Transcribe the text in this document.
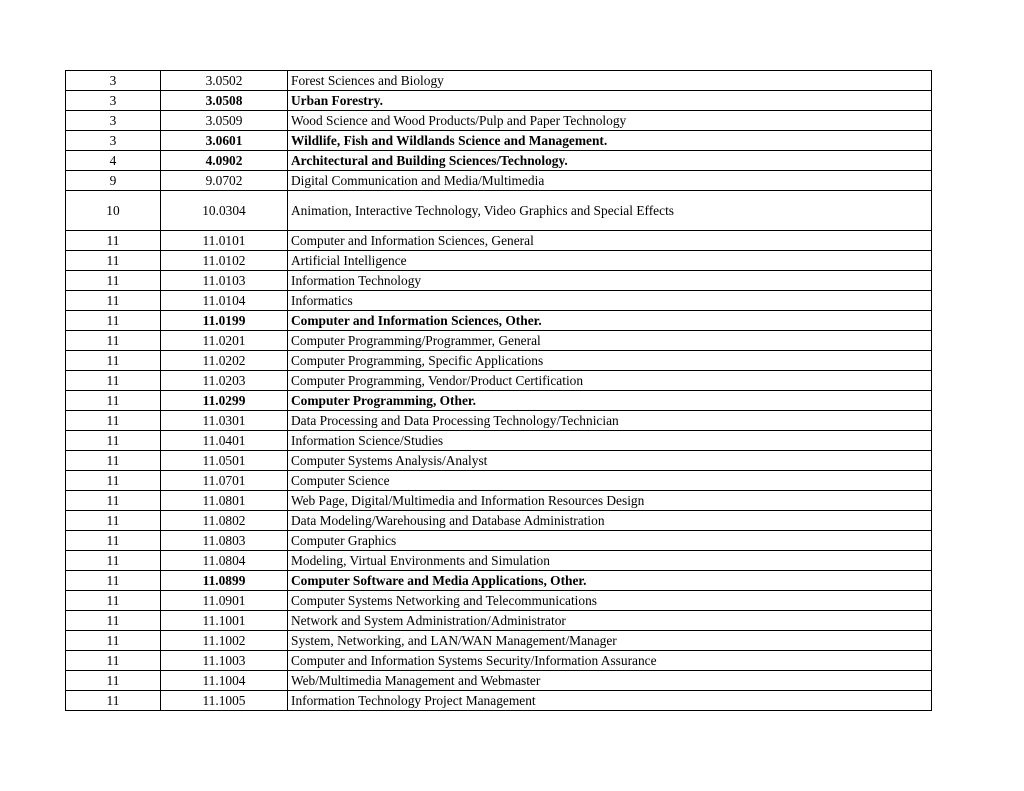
3	3.0502	Forest Sciences and Biology
3	3.0508	Urban Forestry.
3	3.0509	Wood Science and Wood Products/Pulp and Paper Technology
3	3.0601	Wildlife, Fish and Wildlands Science and Management.
4	4.0902	Architectural and Building Sciences/Technology.
9	9.0702	Digital Communication and Media/Multimedia
10	10.0304	Animation, Interactive Technology, Video Graphics and Special Effects
11	11.0101	Computer and Information Sciences, General
11	11.0102	Artificial Intelligence
11	11.0103	Information Technology
11	11.0104	Informatics
11	11.0199	Computer and Information Sciences, Other.
11	11.0201	Computer Programming/Programmer, General
11	11.0202	Computer Programming, Specific Applications
11	11.0203	Computer Programming, Vendor/Product Certification
11	11.0299	Computer Programming, Other.
11	11.0301	Data Processing and Data Processing Technology/Technician
11	11.0401	Information Science/Studies
11	11.0501	Computer Systems Analysis/Analyst
11	11.0701	Computer Science
11	11.0801	Web Page, Digital/Multimedia and Information Resources Design
11	11.0802	Data Modeling/Warehousing and Database Administration
11	11.0803	Computer Graphics
11	11.0804	Modeling, Virtual Environments and Simulation
11	11.0899	Computer Software and Media Applications, Other.
11	11.0901	Computer Systems Networking and Telecommunications
11	11.1001	Network and System Administration/Administrator
11	11.1002	System, Networking, and LAN/WAN Management/Manager
11	11.1003	Computer and Information Systems Security/Information Assurance
11	11.1004	Web/Multimedia Management and Webmaster
11	11.1005	Information Technology Project Management
